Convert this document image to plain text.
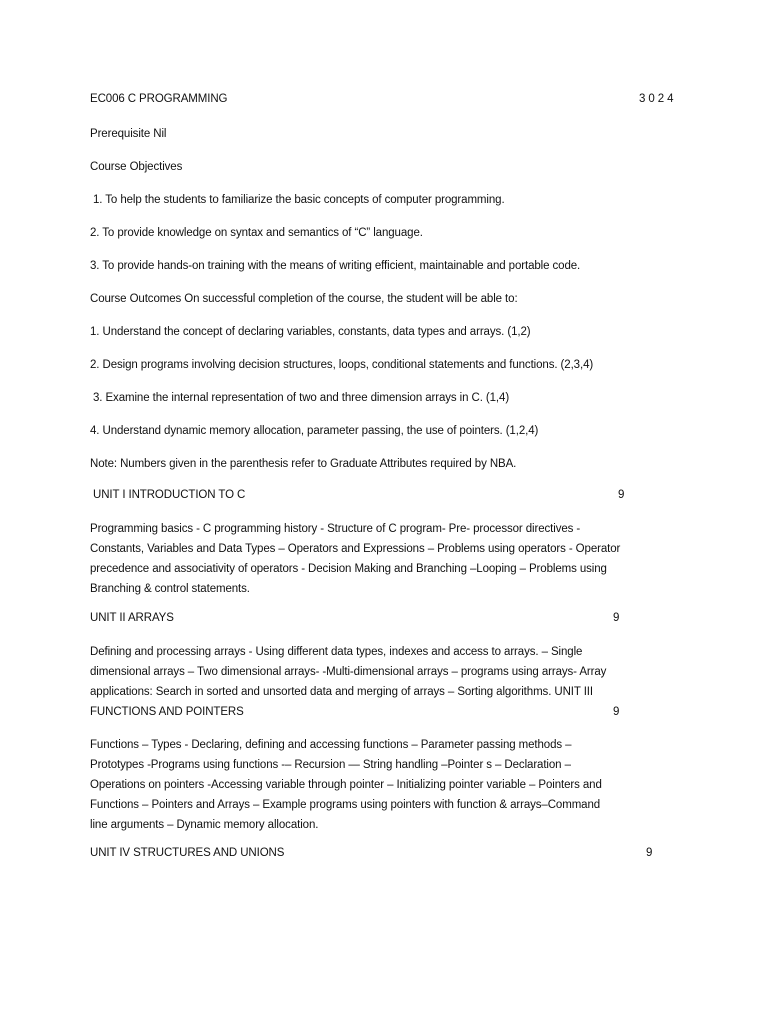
EC006 C PROGRAMMING	3 0 2 4
Prerequisite Nil
Course Objectives
1. To help the students to familiarize the basic concepts of computer programming.
2. To provide knowledge on syntax and semantics of “C” language.
3. To provide hands-on training with the means of writing efficient, maintainable and portable code.
Course Outcomes On successful completion of the course, the student will be able to:
1. Understand the concept of declaring variables, constants, data types and arrays. (1,2)
2. Design programs involving decision structures, loops, conditional statements and functions. (2,3,4)
3. Examine the internal representation of two and three dimension arrays in C. (1,4)
4. Understand dynamic memory allocation, parameter passing, the use of pointers. (1,2,4)
Note: Numbers given in the parenthesis refer to Graduate Attributes required by NBA.
UNIT I INTRODUCTION TO C	9
Programming basics - C programming history - Structure of C program- Pre- processor directives -
Constants, Variables and Data Types – Operators and Expressions – Problems using operators - Operator
precedence and associativity of operators - Decision Making and Branching –Looping – Problems using
Branching & control statements.
UNIT II ARRAYS	9
Defining and processing arrays - Using different data types, indexes and access to arrays. – Single
dimensional arrays – Two dimensional arrays- -Multi-dimensional arrays – programs using arrays- Array
applications: Search in sorted and unsorted data and merging of arrays – Sorting algorithms. UNIT III
FUNCTIONS AND POINTERS	9
Functions – Types - Declaring, defining and accessing functions – Parameter passing methods –
Prototypes -Programs using functions -– Recursion — String handling –Pointer s – Declaration –
Operations on pointers -Accessing variable through pointer – Initializing pointer variable – Pointers and
Functions – Pointers and Arrays – Example programs using pointers with function & arrays–Command
line arguments – Dynamic memory allocation.
UNIT IV STRUCTURES AND UNIONS	9
